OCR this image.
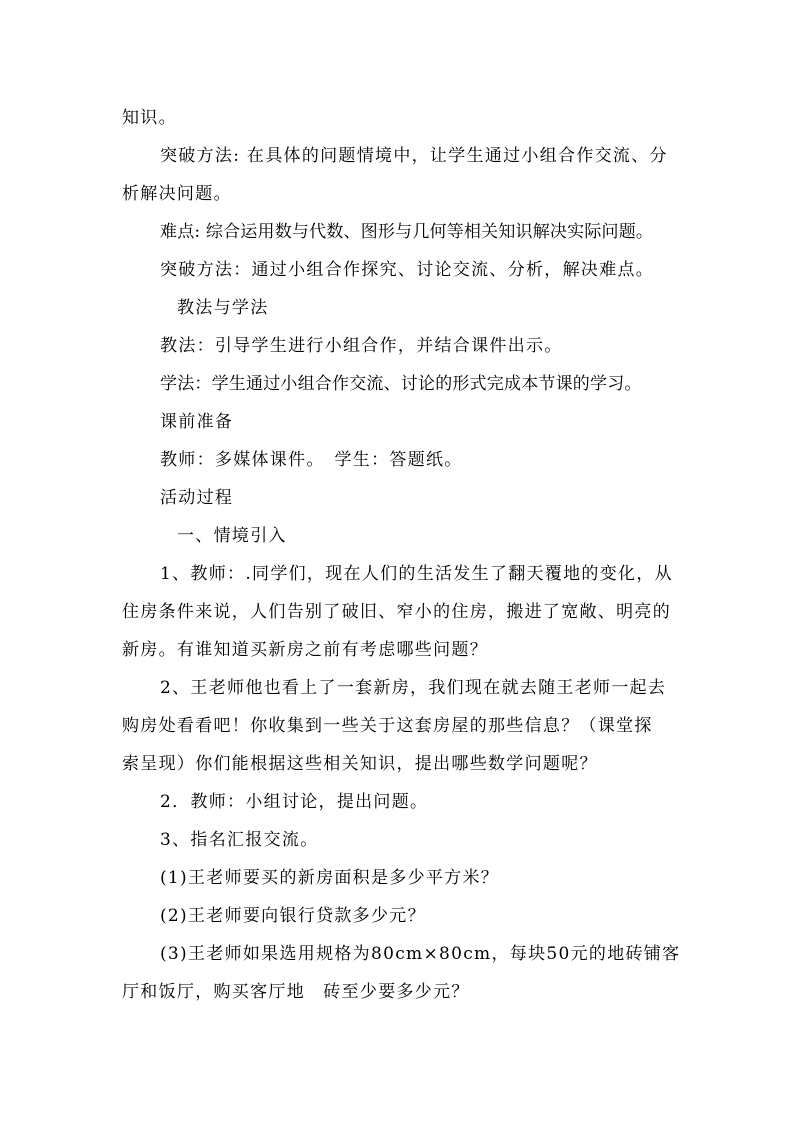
知识。
突破方法: 在具体的问题情境中，让学生通过小组合作交流、分
析解决问题。
难点: 综合运用数与代数、图形与几何等相关知识解决实际问题。
突破方法：通过小组合作探究、讨论交流、分析，解决难点。
教法与学法
教法：引导学生进行小组合作，并结合课件出示。
学法：学生通过小组合作交流、讨论的形式完成本节课的学习。
课前准备
教师：多媒体课件。　学生：答题纸。
活动过程
一、情境引入
1、教师：.同学们，现在人们的生活发生了翻天覆地的变化，从
住房条件来说，人们告别了破旧、窄小的住房，搬进了宽敞、明亮的
新房。有谁知道买新房之前有考虑哪些问题？
2、王老师他也看上了一套新房，我们现在就去随王老师一起去
购房处看看吧！你收集到一些关于这套房屋的那些信息？（课堂探
索呈现）你们能根据这些相关知识，提出哪些数学问题呢？
2．教师：小组讨论，提出问题。
3、指名汇报交流。
(1)王老师要买的新房面积是多少平方米？
(2)王老师要向银行贷款多少元？
(3)王老师如果选用规格为80cm×80cm，每块50元的地砖铺客
厅和饭厅，购买客厅地　砖至少要多少元？
